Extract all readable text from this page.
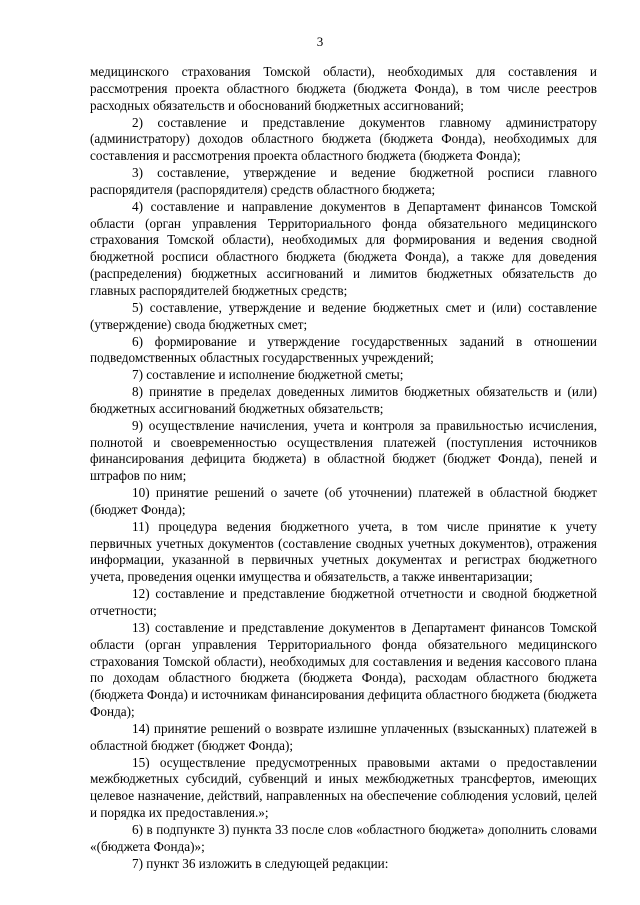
3

медицинского страхования Томской области), необходимых для составления и рассмотрения проекта областного бюджета (бюджета Фонда), в том числе реестров расходных обязательств и обоснований бюджетных ассигнований;

2) составление и представление документов главному администратору (администратору) доходов областного бюджета (бюджета Фонда), необходимых для составления и рассмотрения проекта областного бюджета (бюджета Фонда);

3) составление, утверждение и ведение бюджетной росписи главного распорядителя (распорядителя) средств областного бюджета;

4) составление и направление документов в Департамент финансов Томской области (орган управления Территориального фонда обязательного медицинского страхования Томской области), необходимых для формирования и ведения сводной бюджетной росписи областного бюджета (бюджета Фонда), а также для доведения (распределения) бюджетных ассигнований и лимитов бюджетных обязательств до главных распорядителей бюджетных средств;

5) составление, утверждение и ведение бюджетных смет и (или) составление (утверждение) свода бюджетных смет;

6) формирование и утверждение государственных заданий в отношении подведомственных областных государственных учреждений;

7) составление и исполнение бюджетной сметы;

8) принятие в пределах доведенных лимитов бюджетных обязательств и (или) бюджетных ассигнований бюджетных обязательств;

9) осуществление начисления, учета и контроля за правильностью исчисления, полнотой и своевременностью осуществления платежей (поступления источников финансирования дефицита бюджета) в областной бюджет (бюджет Фонда), пеней и штрафов по ним;

10) принятие решений о зачете (об уточнении) платежей в областной бюджет (бюджет Фонда);

11) процедура ведения бюджетного учета, в том числе принятие к учету первичных учетных документов (составление сводных учетных документов), отражения информации, указанной в первичных учетных документах и регистрах бюджетного учета, проведения оценки имущества и обязательств, а также инвентаризации;

12) составление и представление бюджетной отчетности и сводной бюджетной отчетности;

13) составление и представление документов в Департамент финансов Томской области (орган управления Территориального фонда обязательного медицинского страхования Томской области), необходимых для составления и ведения кассового плана по доходам областного бюджета (бюджета Фонда), расходам областного бюджета (бюджета Фонда) и источникам финансирования дефицита областного бюджета (бюджета Фонда);

14) принятие решений о возврате излишне уплаченных (взысканных) платежей в областной бюджет (бюджет Фонда);

15) осуществление предусмотренных правовыми актами о предоставлении межбюджетных субсидий, субвенций и иных межбюджетных трансфертов, имеющих целевое назначение, действий, направленных на обеспечение соблюдения условий, целей и порядка их предоставления.»;

6) в подпункте 3) пункта 33 после слов «областного бюджета» дополнить словами «(бюджета Фонда)»;

7) пункт 36 изложить в следующей редакции:
